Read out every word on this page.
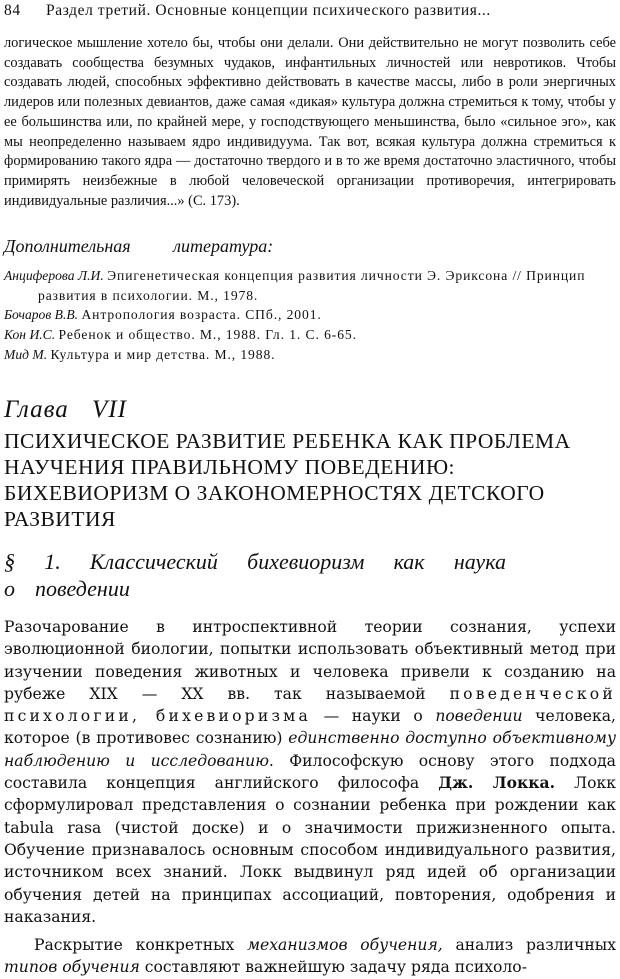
84 Раздел третий. Основные концепции психического развития...

логическое мышление хотело бы, чтобы они делали. Они действительно не могут позволить себе создавать сообщества безумных чудаков, инфантильных личностей или невротиков. Чтобы создавать людей, способных эффективно действовать в качестве массы, либо в роли энергичных лидеров или полезных девиантов, даже самая «дикая» культура должна стремиться к тому, чтобы у ее большинства или, по крайней мере, у господствующего меньшинства, было «сильное эго», как мы неопределенно называем ядро индивидуума. Так вот, всякая культура должна стремиться к формированию такого ядра — достаточно твердого и в то же время достаточно эластичного, чтобы примирять неизбежные в любой человеческой организации противоречия, интегрировать индивидуальные различия...» (С. 173).

Дополнительная литература:

Анциферова Л.И. Эпигенетическая концепция развития личности Э. Эриксона // Принцип развития в психологии. М., 1978.

Бочаров В.В. Антропология возраста. СПб., 2001.

Кон И.С. Ребенок и общество. М., 1988. Гл. 1. С. 6-65.

Мид М. Культура и мир детства. М., 1988.

Глава VII
ПСИХИЧЕСКОЕ РАЗВИТИЕ РЕБЕНКА КАК ПРОБЛЕМА
НАУЧЕНИЯ ПРАВИЛЬНОМУ ПОВЕДЕНИЮ:
БИХЕВИОРИЗМ О ЗАКОНОМЕРНОСТЯХ ДЕТСКОГО
РАЗВИТИЯ
§ 1. Классический бихевиоризм как наука
о поведении

Разочарование в интроспективной теории сознания, успехи эволюционной биологии, попытки использовать объективный метод при изучении поведения животных и человека привели к созданию на рубеже XIX — XX вв. так называемой поведенческой психологии, бихевиоризма — науки о поведении человека, которое (в противовес сознанию) единственно доступно объективному наблюдению и исследованию. Философскую основу этого подхода составила концепция английского философа Дж. Локка. Локк сформулировал представления о сознании ребенка при рождении как tabula rasa (чистой доске) и о значимости прижизненного опыта. Обучение признавалось основным способом индивидуального развития, источником всех знаний. Локк выдвинул ряд идей об организации обучения детей на принципах ассоциаций, повторения, одобрения и наказания.

Раскрытие конкретных механизмов обучения, анализ различных типов обучения составляют важнейшую задачу ряда психоло-
